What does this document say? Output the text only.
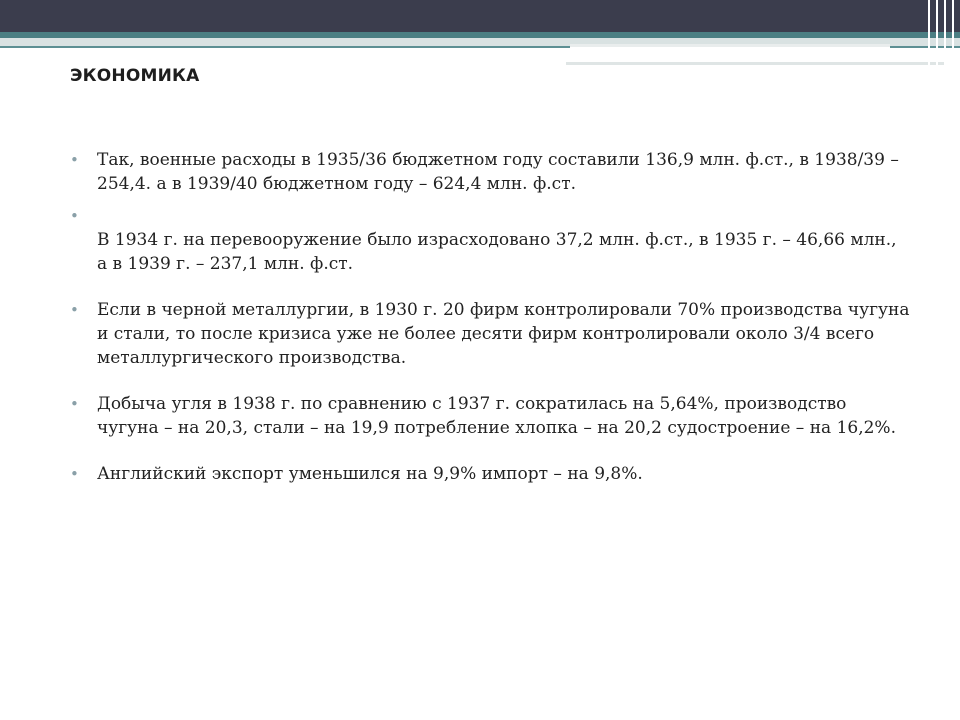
ЭКОНОМИКА
• Так, военные расходы в 1935/36 бюджетном году составили 136,9 млн. ф.ст., в 1938/39 – 254,4. а в 1939/40 бюджетном году – 624,4 млн. ф.ст.
•

В 1934 г. на перевооружение было израсходовано 37,2 млн. ф.ст., в 1935 г. – 46,66 млн., а в 1939 г. – 237,1 млн. ф.ст.
• Если в черной металлургии, в 1930 г. 20 фирм контролировали 70% производства чугуна и стали, то после кризиса уже не более десяти фирм контролировали около 3/4 всего металлургического производства.
• Добыча угля в 1938 г. по сравнению с 1937 г. сократилась на 5,64%, производство чугуна – на 20,3, стали – на 19,9 потребление хлопка – на 20,2 судостроение – на 16,2%.
• Английский экспорт уменьшился на 9,9% импорт – на 9,8%.
